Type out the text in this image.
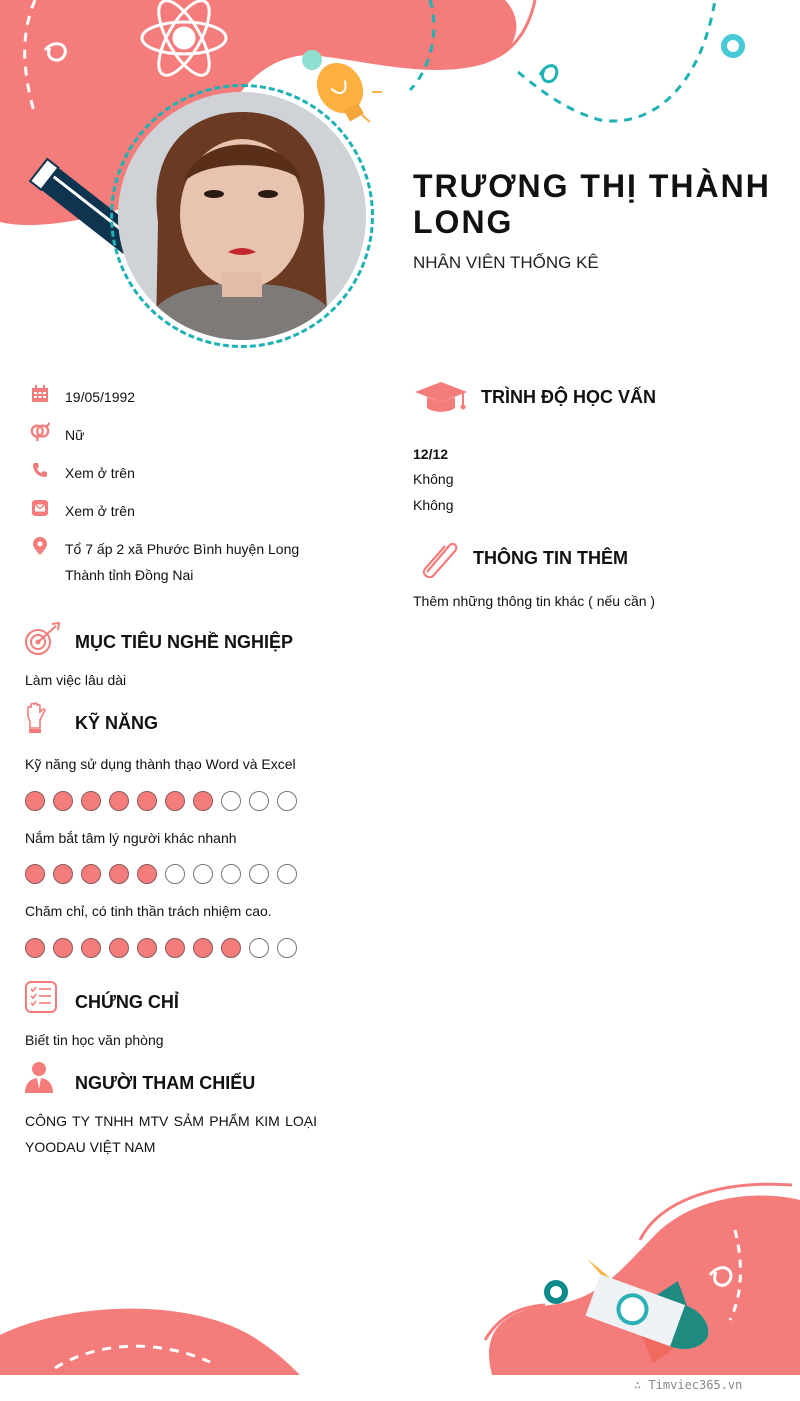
TRƯƠNG THỊ THÀNH LONG
NHÂN VIÊN THỐNG KÊ
19/05/1992
Nữ
Xem ở trên
Xem ở trên
Tổ 7 ấp 2 xã Phước Bình huyện Long Thành tỉnh Đồng Nai
MỤC TIÊU NGHỀ NGHIỆP
Làm việc lâu dài
KỸ NĂNG
Kỹ năng sử dụng thành thạo Word và Excel
Nắm bắt tâm lý người khác nhanh
Chăm chỉ, có tinh thần trách nhiệm cao.
CHỨNG CHỈ
Biết tin học văn phòng
NGƯỜI THAM CHIẾU
CÔNG TY TNHH MTV SẢM PHẨM KIM LOẠI
YOODAU VIỆT NAM
TRÌNH ĐỘ HỌC VẤN
12/12
Không
Không
THÔNG TIN THÊM
Thêm những thông tin khác ( nếu cần )
∴ Timviec365.vn
